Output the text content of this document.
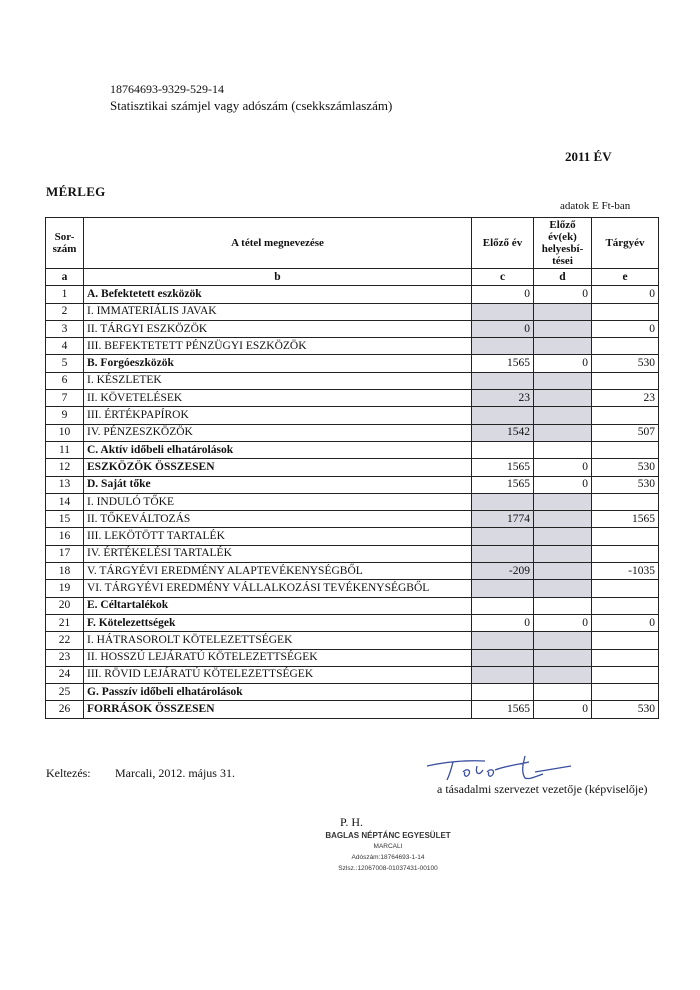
18764693-9329-529-14
Statisztikai számjel vagy adószám (csekkszámlaszám)
2011 ÉV
MÉRLEG
adatok E Ft-ban
Sor-szám	A tétel megnevezése	Előző év	Előző év(ek) helyesbí-tései	Tárgyév
a	b	c	d	e
1	A. Befektetett eszközök	0	0	0
2	I. IMMATERIÁLIS JAVAK			
3	II. TÁRGYI ESZKÖZÖK	0		0
4	III. BEFEKTETETT PÉNZÜGYI ESZKÖZÖK			
5	B. Forgóeszközök	1565	0	530
6	I. KÉSZLETEK			
7	II. KÖVETELÉSEK	23		23
9	III. ÉRTÉKPAPÍROK			
10	IV. PÉNZESZKÖZÖK	1542		507
11	C. Aktív időbeli elhatárolások			
12	ESZKÖZÖK ÖSSZESEN	1565	0	530
13	D. Saját tőke	1565	0	530
14	I. INDULÓ TŐKE			
15	II. TŐKEVÁLTOZÁS	1774		1565
16	III. LEKÖTÖTT TARTALÉK			
17	IV. ÉRTÉKELÉSI TARTALÉK			
18	V. TÁRGYÉVI EREDMÉNY ALAPTEVÉKENYSÉGBŐL	-209		-1035
19	VI. TÁRGYÉVI EREDMÉNY VÁLLALKOZÁSI TEVÉKENYSÉGBŐL			
20	E. Céltartalékok			
21	F. Kötelezettségek	0	0	0
22	I. HÁTRASOROLT KÖTELEZETTSÉGEK			
23	II. HOSSZÚ LEJÁRATÚ KÖTELEZETTSÉGEK			
24	III. RÖVID LEJÁRATÚ KÖTELEZETTSÉGEK			
25	G. Passzív időbeli elhatárolások			
26	FORRÁSOK ÖSSZESEN	1565	0	530
Keltezés: Marcali, 2012. május 31.
a tásadalmi szervezet vezetője (képviselője)
P. H.
BAGLAS NÉPTÁNC EGYESÜLET
MARCALI
Adószám:18764693-1-14
Szlsz.:12067008-01037431-00100
